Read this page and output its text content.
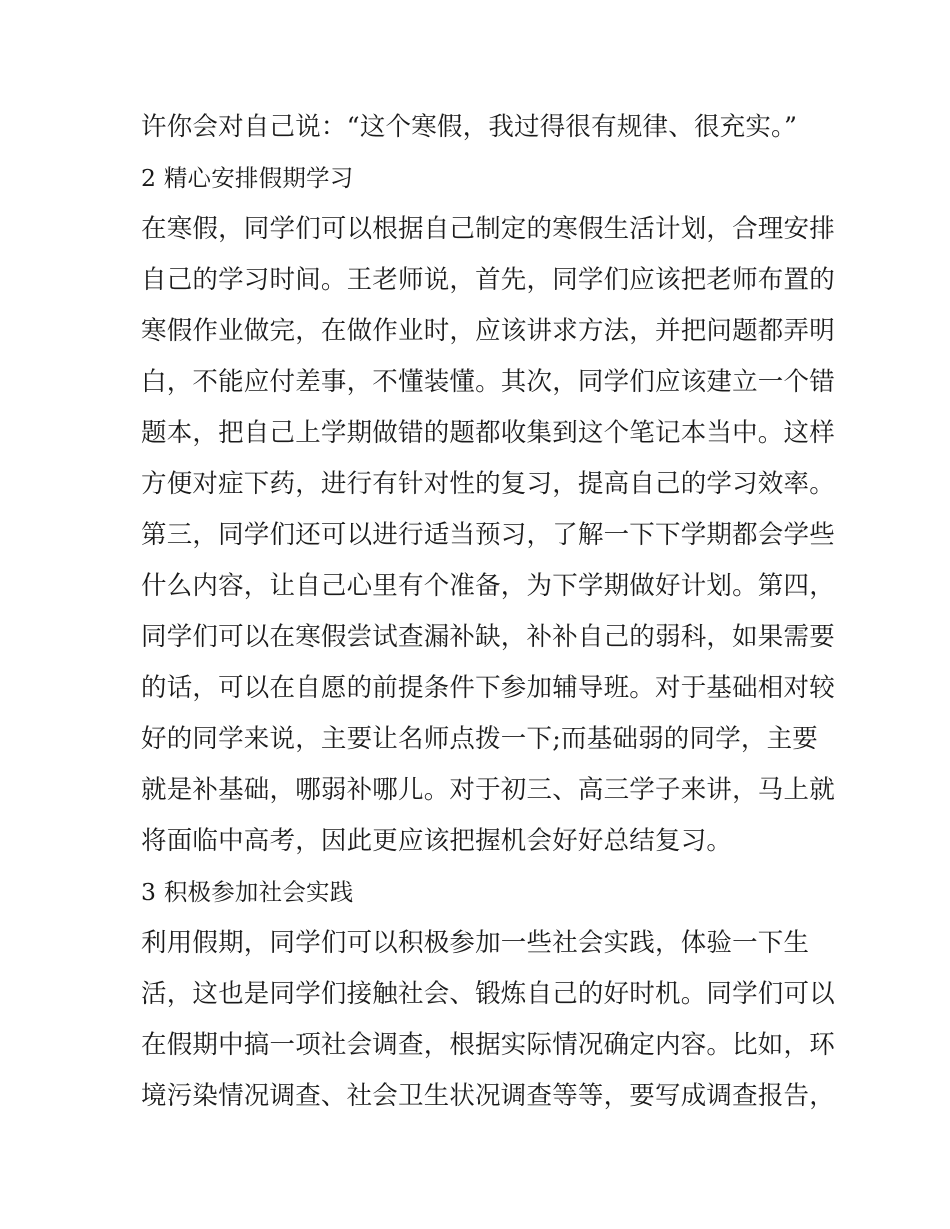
许你会对自己说：“这个寒假，我过得很有规律、很充实。”
2 精心安排假期学习
在寒假，同学们可以根据自己制定的寒假生活计划，合理安排
自己的学习时间。王老师说，首先，同学们应该把老师布置的
寒假作业做完，在做作业时，应该讲求方法，并把问题都弄明
白，不能应付差事，不懂装懂。其次，同学们应该建立一个错
题本，把自己上学期做错的题都收集到这个笔记本当中。这样
方便对症下药，进行有针对性的复习，提高自己的学习效率。
第三，同学们还可以进行适当预习，了解一下下学期都会学些
什么内容，让自己心里有个准备，为下学期做好计划。第四，
同学们可以在寒假尝试查漏补缺，补补自己的弱科，如果需要
的话，可以在自愿的前提条件下参加辅导班。对于基础相对较
好的同学来说，主要让名师点拨一下;而基础弱的同学，主要
就是补基础，哪弱补哪儿。对于初三、高三学子来讲，马上就
将面临中高考，因此更应该把握机会好好总结复习。
3 积极参加社会实践
利用假期，同学们可以积极参加一些社会实践，体验一下生
活，这也是同学们接触社会、锻炼自己的好时机。同学们可以
在假期中搞一项社会调查，根据实际情况确定内容。比如，环
境污染情况调查、社会卫生状况调查等等，要写成调查报告，
